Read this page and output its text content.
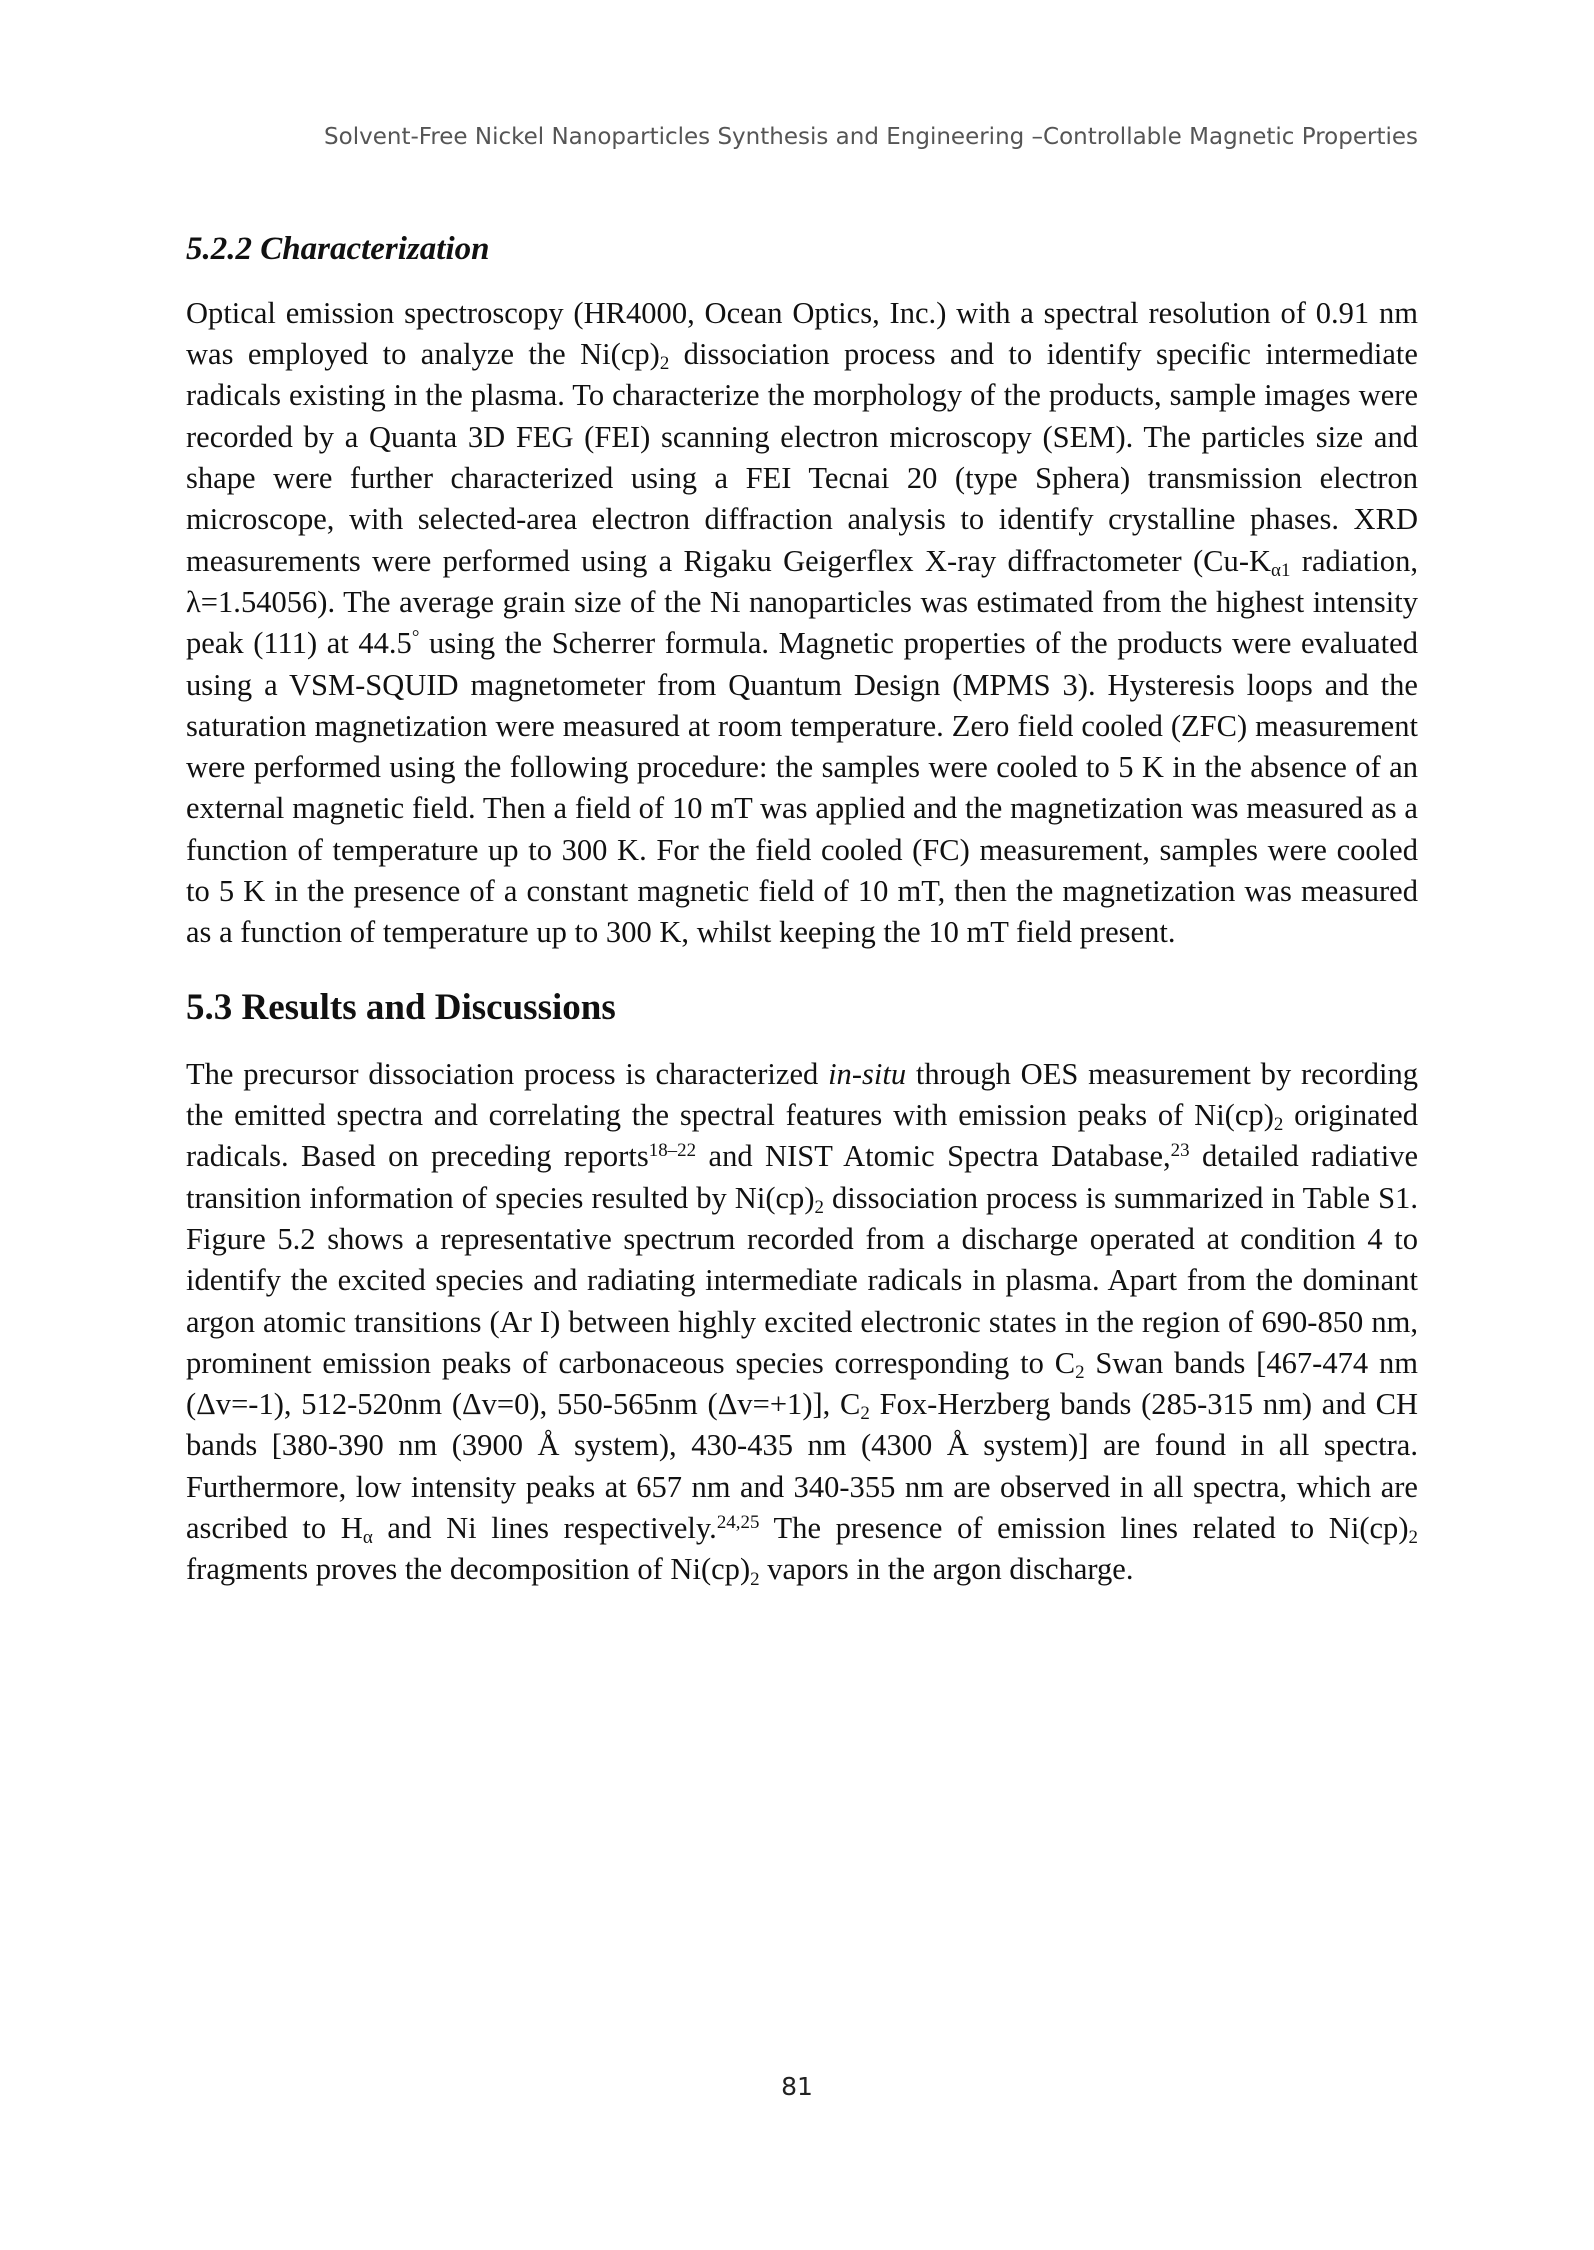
Solvent-Free Nickel Nanoparticles Synthesis and Engineering –Controllable Magnetic Properties
5.2.2 Characterization

Optical emission spectroscopy (HR4000, Ocean Optics, Inc.) with a spectral resolution of 0.91 nm was employed to analyze the $Ni(cp)_2$ dissociation process and to identify specific intermediate radicals existing in the plasma. To characterize the morphology of the products, sample images were recorded by a Quanta 3D FEG (FEI) scanning electron microscopy (SEM). The particles size and shape were further characterized using a FEI Tecnai 20 (type Sphera) transmission electron microscope, with selected-area electron diffraction analysis to identify crystalline phases. XRD measurements were performed using a Rigaku Geigerflex X-ray diffractometer ($Cu-K_{\alpha 1}$ radiation, λ=1.54056). The average grain size of the Ni nanoparticles was estimated from the highest intensity peak (111) at 44.5° using the Scherrer formula. Magnetic properties of the products were evaluated using a VSM-SQUID magnetometer from Quantum Design (MPMS 3). Hysteresis loops and the saturation magnetization were measured at room temperature. Zero field cooled (ZFC) measurement were performed using the following procedure: the samples were cooled to 5 K in the absence of an external magnetic field. Then a field of 10 mT was applied and the magnetization was measured as a function of temperature up to 300 K. For the field cooled (FC) measurement, samples were cooled to 5 K in the presence of a constant magnetic field of 10 mT, then the magnetization was measured as a function of temperature up to 300 K, whilst keeping the 10 mT field present.

5.3 Results and Discussions

The precursor dissociation process is characterized in-situ through OES measurement by recording the emitted spectra and correlating the spectral features with emission peaks of $Ni(cp)_2$ originated radicals. Based on preceding reports$^{18-22}$ and NIST Atomic Spectra Database,$^{23}$ detailed radiative transition information of species resulted by $Ni(cp)_2$ dissociation process is summarized in Table S1. Figure 5.2 shows a representative spectrum recorded from a discharge operated at condition 4 to identify the excited species and radiating intermediate radicals in plasma. Apart from the dominant argon atomic transitions (Ar I) between highly excited electronic states in the region of 690-850 nm, prominent emission peaks of carbonaceous species corresponding to $C_2$ Swan bands [467-474 nm (Δv=-1), 512-520nm (Δv=0), 550-565nm (Δv=+1)], $C_2$ Fox-Herzberg bands (285-315 nm) and CH bands [380-390 nm (3900 Å system), 430-435 nm (4300 Å system)] are found in all spectra. Furthermore, low intensity peaks at 657 nm and 340-355 nm are observed in all spectra, which are ascribed to $H_\alpha$ and Ni lines respectively.$^{24,25}$ The presence of emission lines related to $Ni(cp)_2$ fragments proves the decomposition of $Ni(cp)_2$ vapors in the argon discharge.

81
